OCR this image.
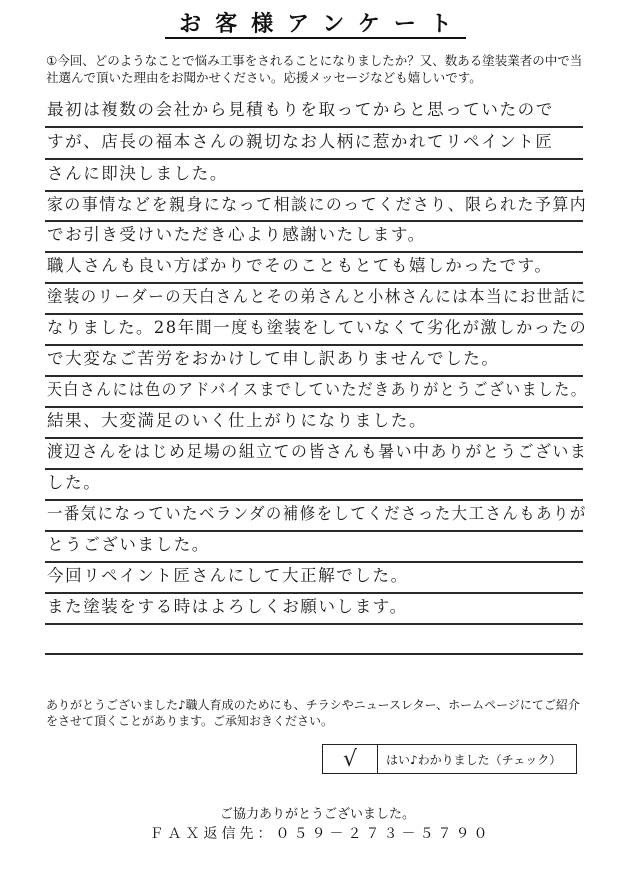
お客様アンケート
①今回、どのようなことで悩み工事をされることになりましたか？又、数ある塗装業者の中で当社選んで頂いた理由をお聞かせください。応援メッセージなども嬉しいです。
最初は複数の会社から見積もりを取ってからと思っていたので
すが、店長の福本さんの親切なお人柄に惹かれてリペイント匠
さんに即決しました。
家の事情などを親身になって相談にのってくださり、限られた予算内
でお引き受けいただき心より感謝いたします。
職人さんも良い方ばかりでそのこともとても嬉しかったです。
塗装のリーダーの天白さんとその弟さんと小林さんには本当にお世話に
なりました。28年間一度も塗装をしていなくて劣化が激しかったの
で大変なご苦労をおかけして申し訳ありませんでした。
天白さんには色のアドバイスまでしていただきありがとうございました。
結果、大変満足のいく仕上がりになりました。
渡辺さんをはじめ足場の組立ての皆さんも暑い中ありがとうございま
した。
一番気になっていたベランダの補修をしてくださった大工さんもありが
とうございました。
今回リペイント匠さんにして大正解でした。
また塗装をする時はよろしくお願いします。
ありがとうございました♪職人育成のためにも、チラシやニュースレター、ホームページにてご紹介をさせて頂くことがあります。ご承知おきください。
√	はい♪わかりました（チェック）
ご協力ありがとうございました。
ＦＡＸ返信先：０５９－２７３－５７９０
